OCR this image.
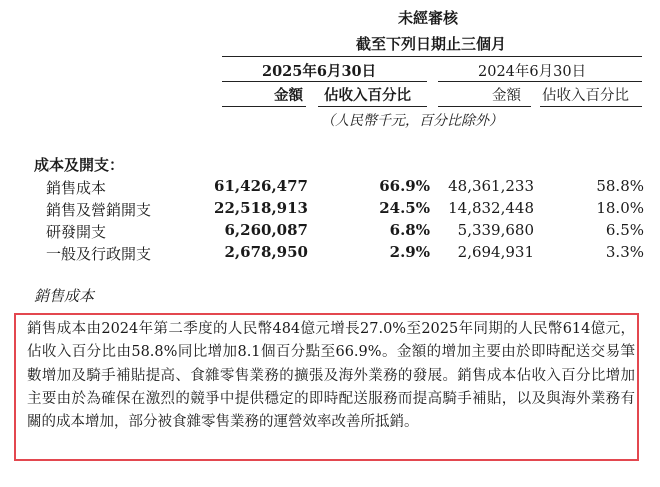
未經審核
截至下列日期止三個月
2025年6月30日	2024年6月30日
金額 佔收入百分比	金額 佔收入百分比
（人民幣千元，百分比除外）
成本及開支：
銷售成本	61,426,477	66.9% 48,361,233	58.8%
銷售及營銷開支	22,518,913	24.5% 14,832,448	18.0%
研發開支	6,260,087	6.8% 5,339,680	6.5%
一般及行政開支	2,678,950	2.9% 2,694,931	3.3%
銷售成本
銷售成本由2024年第二季度的人民幣484億元增長27.0%至2025年同期的人民幣614億元，佔收入百分比由58.8%同比增加8.1個百分點至66.9%。金額的增加主要由於即時配送交易筆數增加及騎手補貼提高、食雜零售業務的擴張及海外業務的發展。銷售成本佔收入百分比增加主要由於為確保在激烈的競爭中提供穩定的即時配送服務而提高騎手補貼，以及與海外業務有關的成本增加，部分被食雜零售業務的運營效率改善所抵銷。
